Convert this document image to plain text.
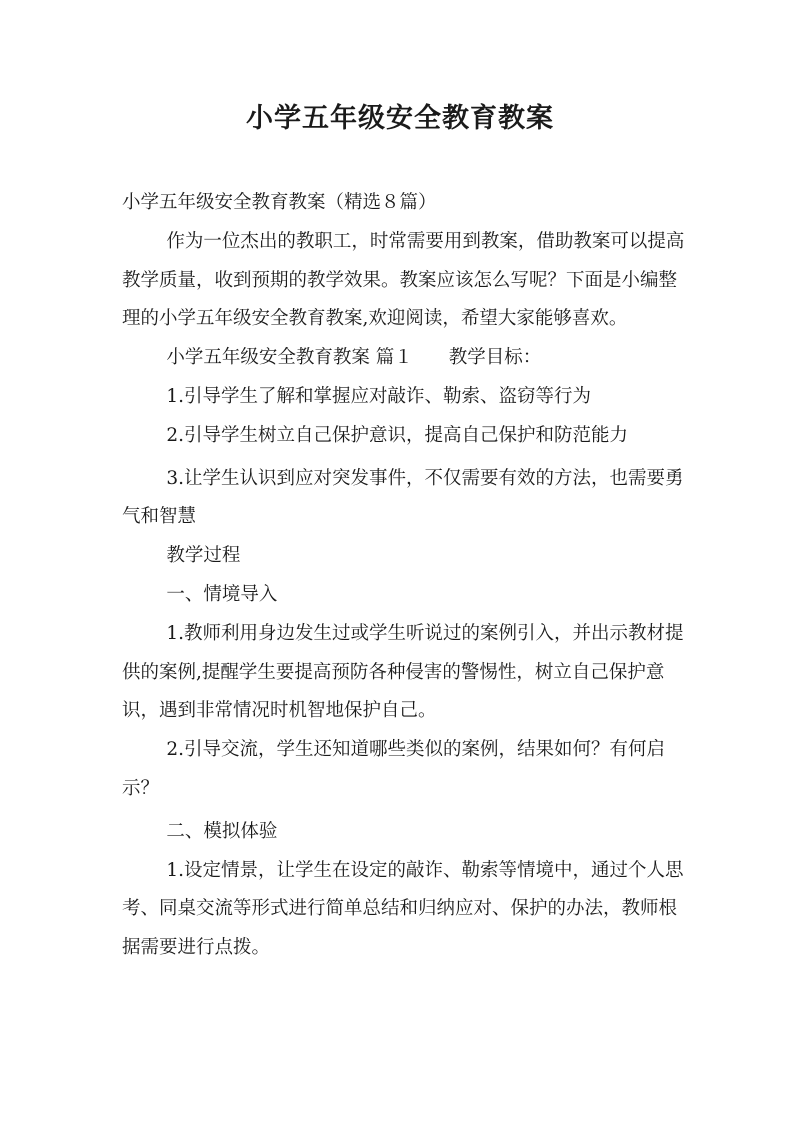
小学五年级安全教育教案

小学五年级安全教育教案（精选８篇）

作为一位杰出的教职工，时常需要用到教案，借助教案可以提高教学质量，收到预期的教学效果。教案应该怎么写呢？下面是小编整理的小学五年级安全教育教案,欢迎阅读，希望大家能够喜欢。

小学五年级安全教育教案 篇１ 教学目标：

1.引导学生了解和掌握应对敲诈、勒索、盗窃等行为

2.引导学生树立自己保护意识，提高自己保护和防范能力

3.让学生认识到应对突发事件，不仅需要有效的方法，也需要勇气和智慧

教学过程

一、情境导入

1.教师利用身边发生过或学生听说过的案例引入，并出示教材提供的案例,提醒学生要提高预防各种侵害的警惕性，树立自己保护意识，遇到非常情况时机智地保护自己。

2.引导交流，学生还知道哪些类似的案例，结果如何？有何启示？

二、模拟体验

1.设定情景，让学生在设定的敲诈、勒索等情境中，通过个人思考、同桌交流等形式进行简单总结和归纳应对、保护的办法，教师根据需要进行点拨。
